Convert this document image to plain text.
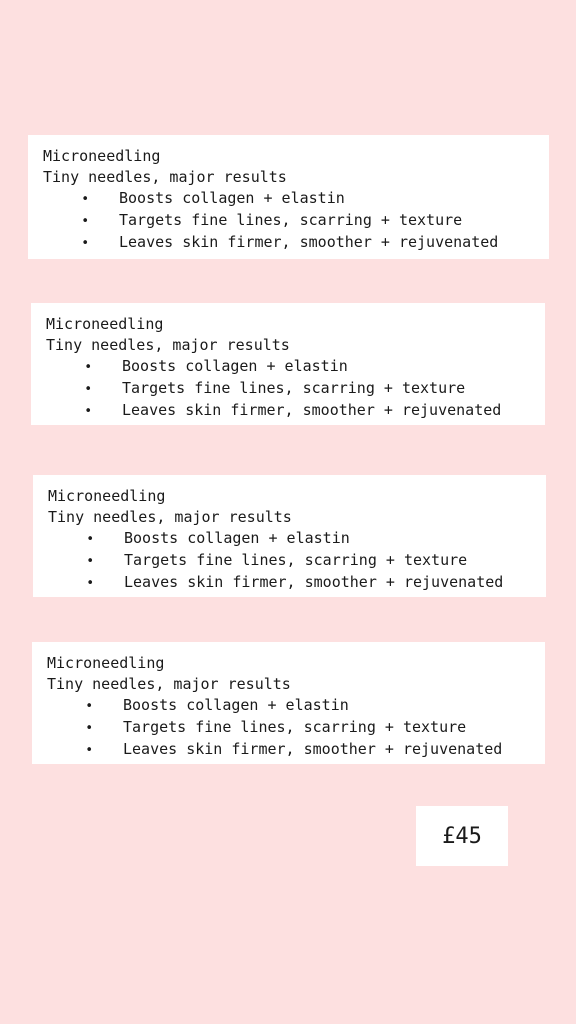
Microneedling
Tiny needles, major results
•	Boosts collagen + elastin
•	Targets fine lines, scarring + texture
•	Leaves skin firmer, smoother + rejuvenated
Microneedling
Tiny needles, major results
•	Boosts collagen + elastin
•	Targets fine lines, scarring + texture
•	Leaves skin firmer, smoother + rejuvenated
Microneedling
Tiny needles, major results
•	Boosts collagen + elastin
•	Targets fine lines, scarring + texture
•	Leaves skin firmer, smoother + rejuvenated
Microneedling
Tiny needles, major results
•	Boosts collagen + elastin
•	Targets fine lines, scarring + texture
•	Leaves skin firmer, smoother + rejuvenated
£45
